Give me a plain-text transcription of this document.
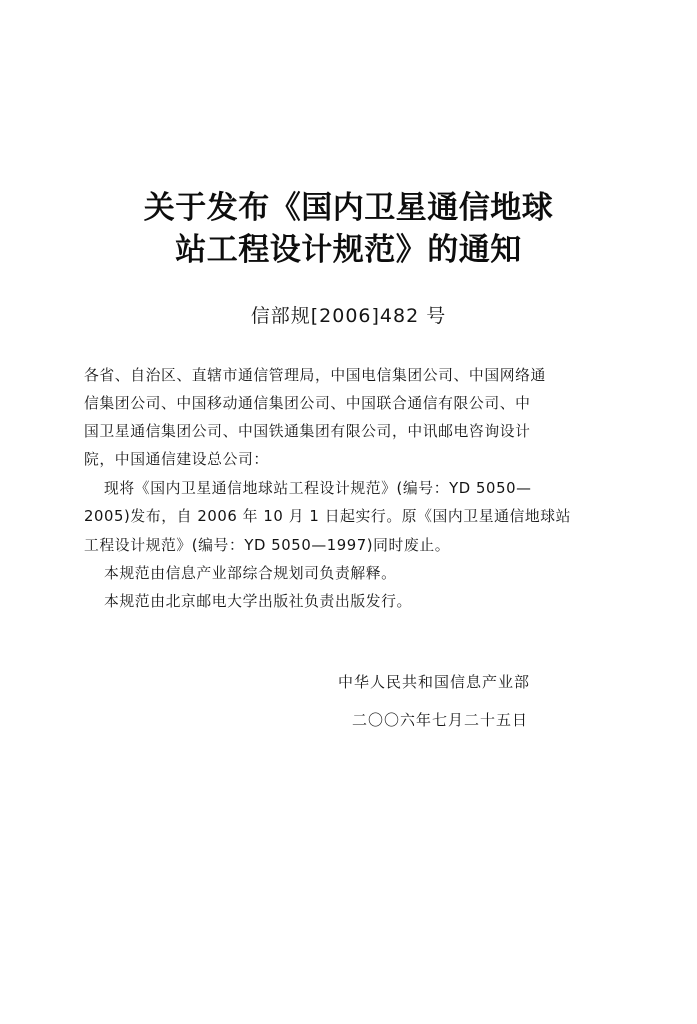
关于发布《国内卫星通信地球
站工程设计规范》的通知
信部规[2006]482 号
各省、自治区、直辖市通信管理局，中国电信集团公司、中国网络通
信集团公司、中国移动通信集团公司、中国联合通信有限公司、中
国卫星通信集团公司、中国铁通集团有限公司，中讯邮电咨询设计
院，中国通信建设总公司：
现将《国内卫星通信地球站工程设计规范》(编号：YD 5050—
2005)发布，自 2006 年 10 月 1 日起实行。原《国内卫星通信地球站
工程设计规范》(编号：YD 5050—1997)同时废止。
本规范由信息产业部综合规划司负责解释。
本规范由北京邮电大学出版社负责出版发行。
中华人民共和国信息产业部
二〇〇六年七月二十五日
